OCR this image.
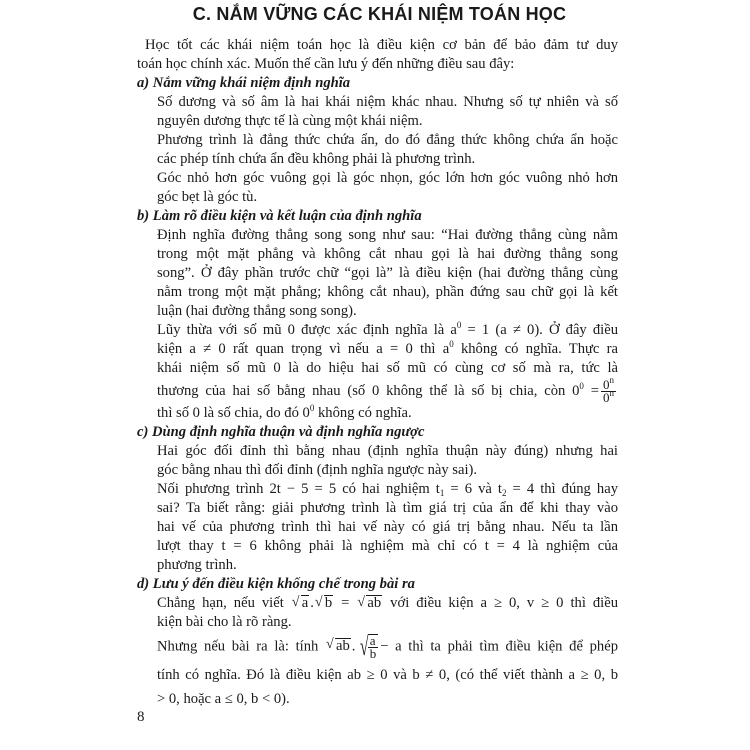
C. NẮM VỮNG CÁC KHÁI NIỆM TOÁN HỌC
Học tốt các khái niệm toán học là điều kiện cơ bản để bảo đảm tư duy
toán học chính xác. Muốn thế cần lưu ý đến những điều sau đây:
a) Nắm vững khái niệm định nghĩa
Số dương và số âm là hai khái niệm khác nhau. Nhưng số tự nhiên và số
nguyên dương thực tế là cùng một khái niệm.
Phương trình là đẳng thức chứa ẩn, do đó đẳng thức không chứa ẩn hoặc
các phép tính chứa ẩn đều không phải là phương trình.
Góc nhỏ hơn góc vuông gọi là góc nhọn, góc lớn hơn góc vuông nhỏ hơn
góc bẹt là góc tù.
b) Làm rõ điều kiện và kết luận của định nghĩa
Định nghĩa đường thẳng song song như sau: “Hai đường thẳng cùng nằm
trong một mặt phẳng và không cắt nhau gọi là hai đường thẳng song
song”. Ở đây phần trước chữ “gọi là” là điều kiện (hai đường thẳng cùng
nằm trong một mặt phẳng; không cắt nhau), phần đứng sau chữ gọi là kết
luận (hai đường thẳng song song).
Lũy thừa với số mũ 0 được xác định nghĩa là $a^0 = 1$ (a ≠ 0). Ở đây điều
kiện a ≠ 0 rất quan trọng vì nếu a = 0 thì $a^0$ không có nghĩa. Thực ra
khái niệm số mũ 0 là do hiệu hai số mũ có cùng cơ số mà ra, tức là
thương của hai số bằng nhau (số 0 không thể là số bị chia, còn $0^0 = \frac{0^n}{0^n}$
thì số 0 là số chia, do đó $0^0$ không có nghĩa.
c) Dùng định nghĩa thuận và định nghĩa ngược
Hai góc đối đỉnh thì bằng nhau (định nghĩa thuận này đúng) nhưng hai
góc bằng nhau thì đối đỉnh (định nghĩa ngược này sai).
Nối phương trình 2t − 5 = 5 có hai nghiệm $t_1 = 6$ và $t_2 = 4$ thì đúng hay
sai? Ta biết rằng: giải phương trình là tìm giá trị của ẩn để khi thay vào
hai vế của phương trình thì hai vế này có giá trị bằng nhau. Nếu ta lần
lượt thay t = 6 không phải là nghiệm mà chỉ có t = 4 là nghiệm của
phương trình.
d) Lưu ý đến điều kiện khống chế trong bài ra
Chẳng hạn, nếu viết √ a . √ b = √ ab với điều kiện a ≥ 0, v ≥ 0 thì điều
kiện bài cho là rõ ràng.
Nhưng nếu bài ra là: tính √ ab . √
$\frac{a}{b} - a$ thì ta phải tìm điều kiện để phép
tính có nghĩa. Đó là điều kiện ab ≥ 0 và b ≠ 0, (có thể viết thành a ≥ 0, b
> 0, hoặc a ≤ 0, b < 0).
8
